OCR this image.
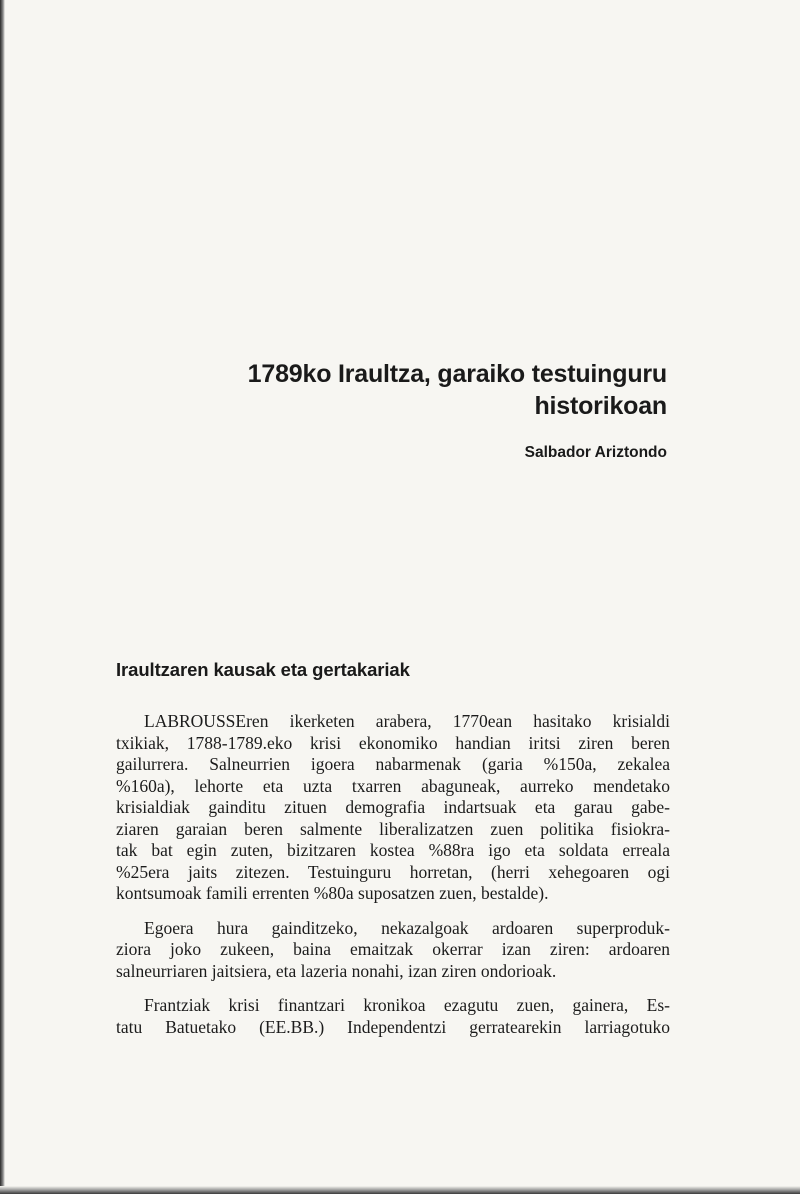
1789ko Iraultza, garaiko testuinguru
historikoan
Salbador Ariztondo
Iraultzaren kausak eta gertakariak

LABROUSSEren ikerketen arabera, 1770ean hasitako krisialdi
txikiak, 1788-1789.eko krisi ekonomiko handian iritsi ziren beren
gailurrera. Salneurrien igoera nabarmenak (garia %150a, zekalea
%160a), lehorte eta uzta txarren abaguneak, aurreko mendetako
krisialdiak gainditu zituen demografia indartsuak eta garau gabe-
ziaren garaian beren salmente liberalizatzen zuen politika fisiokra-
tak bat egin zuten, bizitzaren kostea %88ra igo eta soldata erreala
%25era jaits zitezen. Testuinguru horretan, (herri xehegoaren ogi
kontsumoak famili errenten %80a suposatzen zuen, bestalde).

Egoera hura gainditzeko, nekazalgoak ardoaren superproduk-
ziora joko zukeen, baina emaitzak okerrar izan ziren: ardoaren
salneurriaren jaitsiera, eta lazeria nonahi, izan ziren ondorioak.

Frantziak krisi finantzari kronikoa ezagutu zuen, gainera, Es-
tatu Batuetako (EE.BB.) Independentzi gerratearekin larriagotuko
